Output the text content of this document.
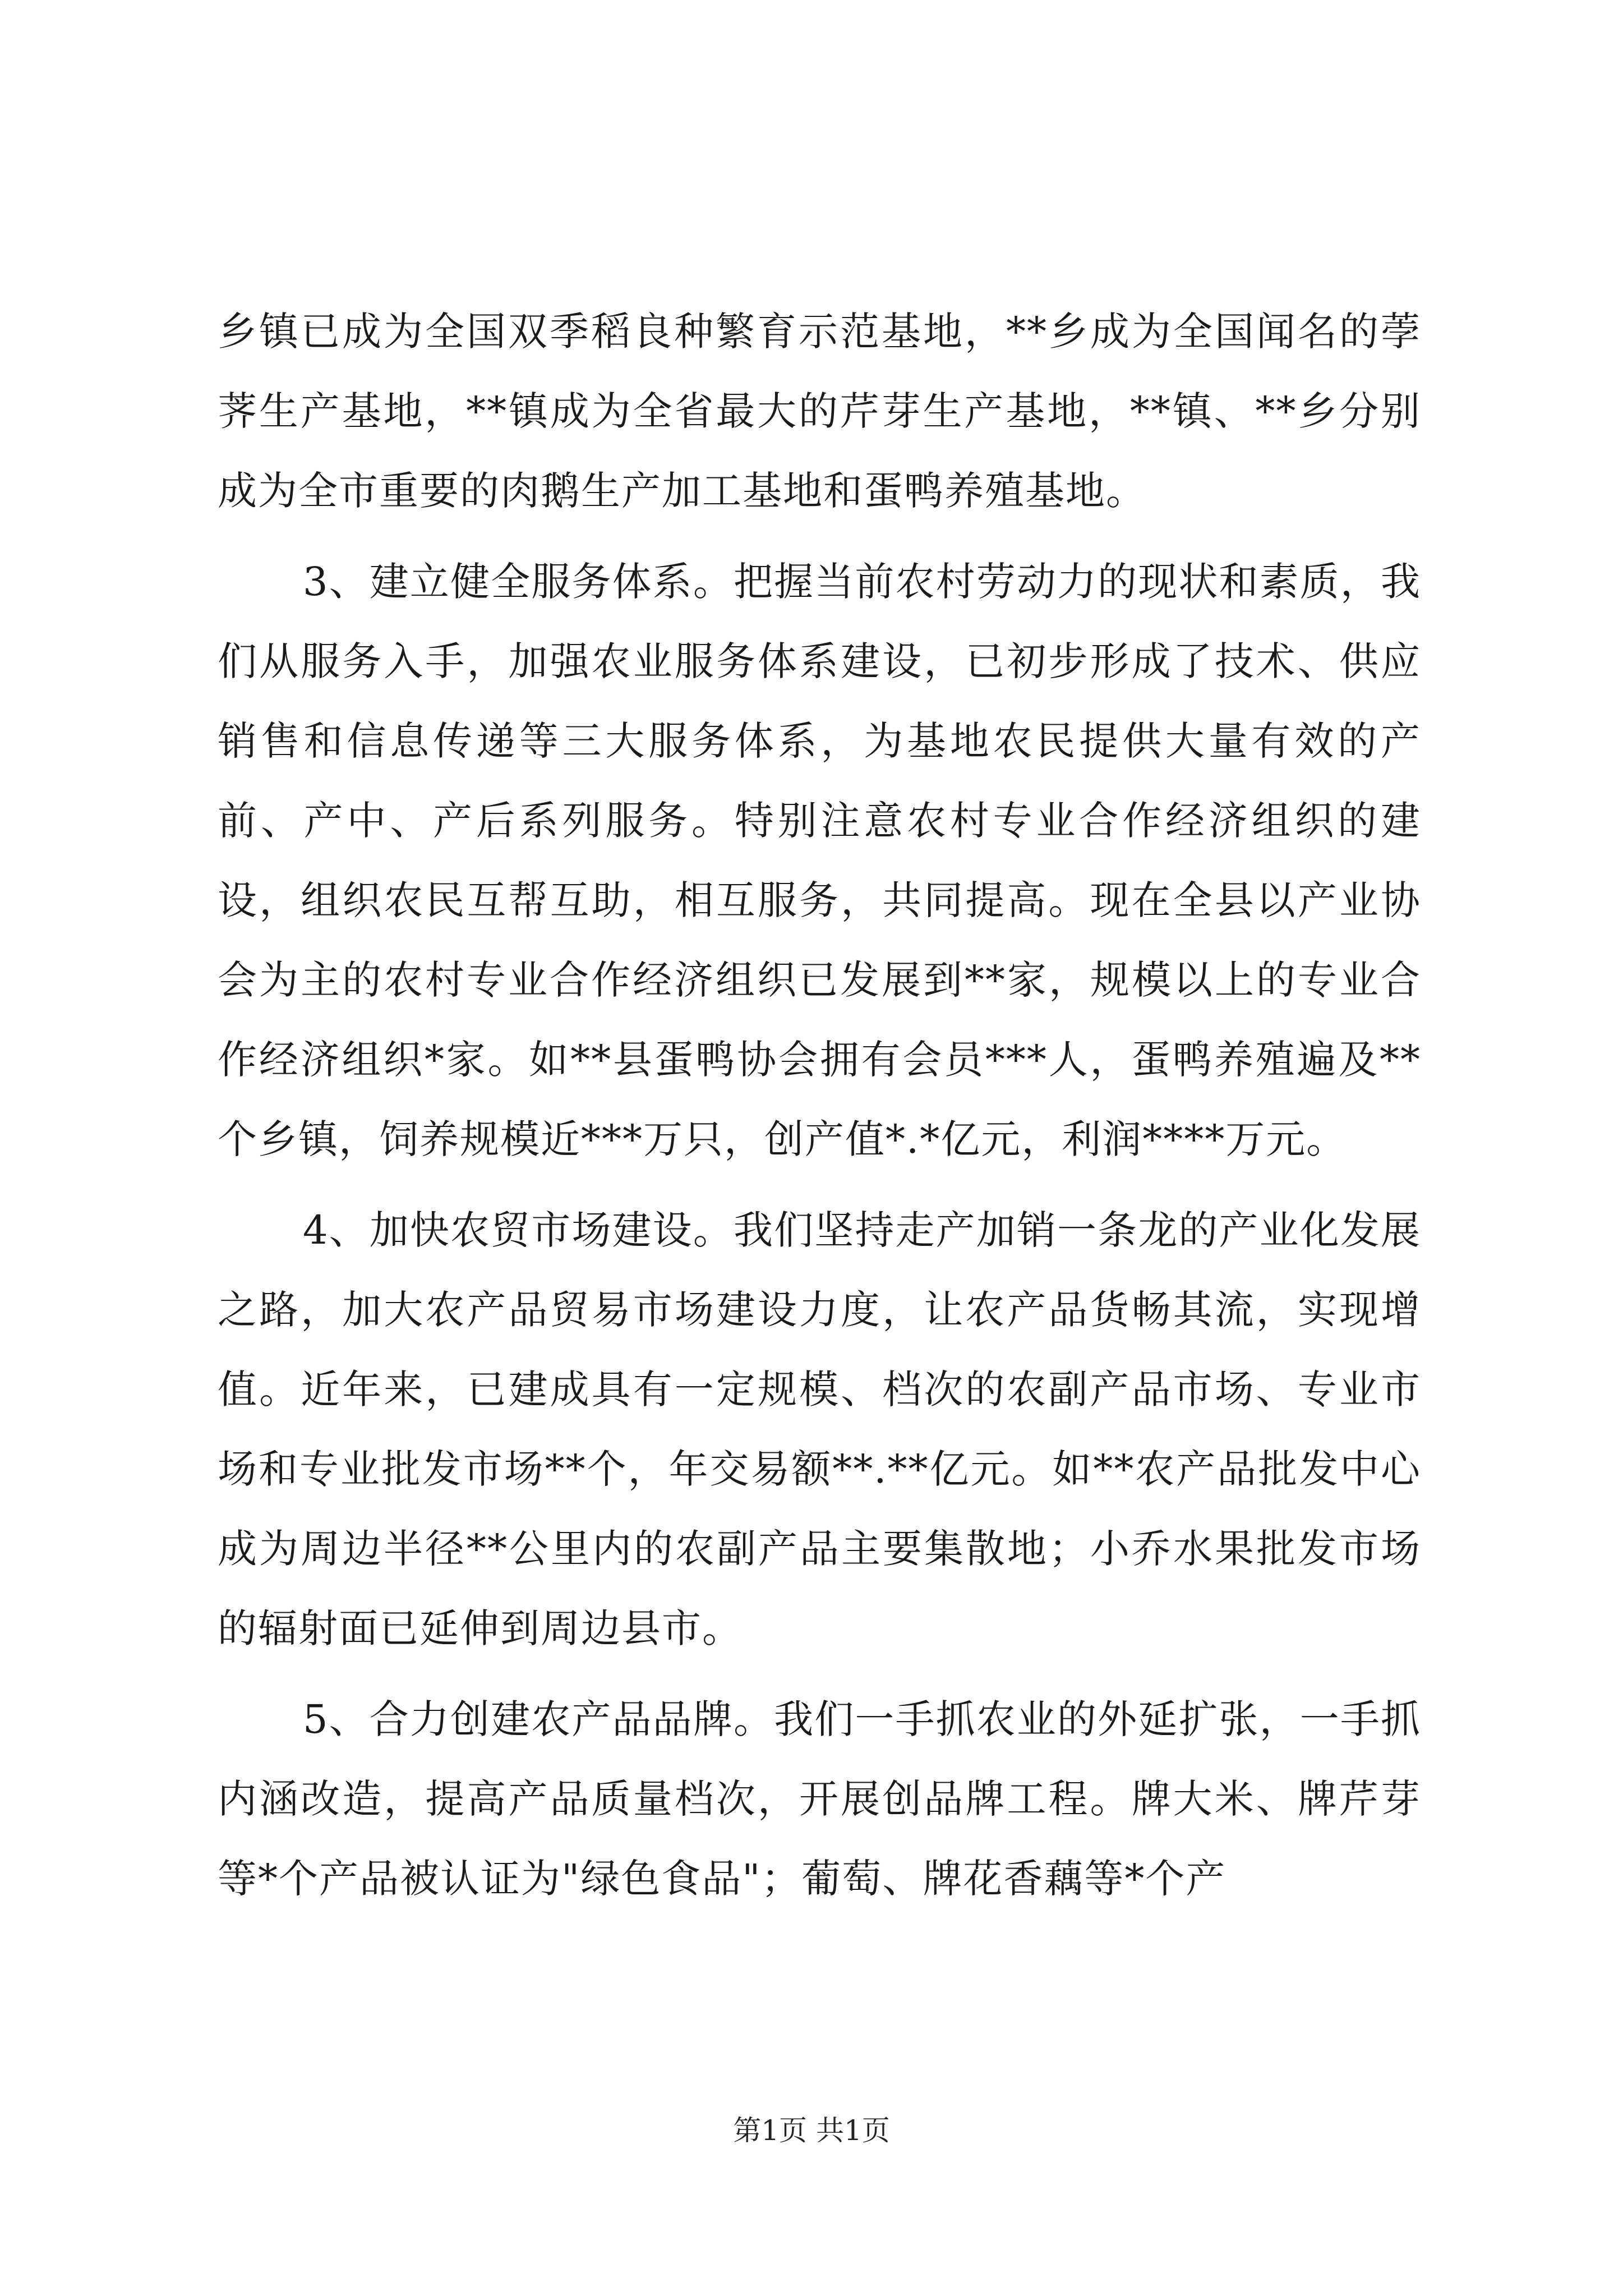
乡镇已成为全国双季稻良种繁育示范基地，**乡成为全国闻名的荸荠生产基地，**镇成为全省最大的芹芽生产基地，**镇、**乡分别成为全市重要的肉鹅生产加工基地和蛋鸭养殖基地。

3、建立健全服务体系。把握当前农村劳动力的现状和素质，我们从服务入手，加强农业服务体系建设，已初步形成了技术、供应销售和信息传递等三大服务体系，为基地农民提供大量有效的产前、产中、产后系列服务。特别注意农村专业合作经济组织的建设，组织农民互帮互助，相互服务，共同提高。现在全县以产业协会为主的农村专业合作经济组织已发展到**家，规模以上的专业合作经济组织*家。如**县蛋鸭协会拥有会员***人，蛋鸭养殖遍及**个乡镇，饲养规模近***万只，创产值*.*亿元，利润****万元。

4、加快农贸市场建设。我们坚持走产加销一条龙的产业化发展之路，加大农产品贸易市场建设力度，让农产品货畅其流，实现增值。近年来，已建成具有一定规模、档次的农副产品市场、专业市场和专业批发市场**个，年交易额**.**亿元。如**农产品批发中心成为周边半径**公里内的农副产品主要集散地；小乔水果批发市场的辐射面已延伸到周边县市。

5、合力创建农产品品牌。我们一手抓农业的外延扩张，一手抓内涵改造，提高产品质量档次，开展创品牌工程。牌大米、牌芹芽等*个产品被认证为"绿色食品"；葡萄、牌花香藕等*个产

第1页 共1页
